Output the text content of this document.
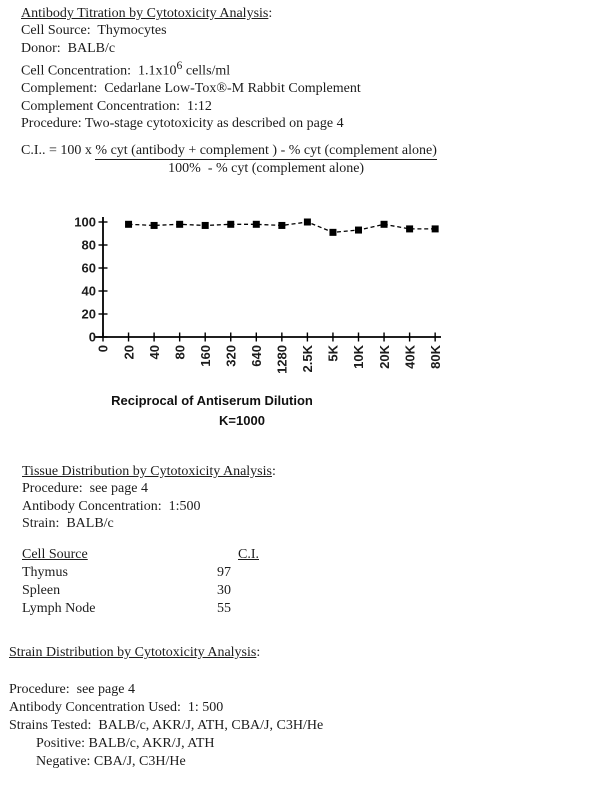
Antibody Titration by Cytotoxicity Analysis:
Cell Source:  Thymocytes
Donor:  BALB/c
Cell Concentration:  $1.1x10^6$ cells/ml
Complement:  Cedarlane Low-Tox®-M Rabbit Complement
Complement Concentration:  1:12
Procedure: Two-stage cytotoxicity as described on page 4
C.I.. = 100 x $\frac{\text{\% cyt (antibody + complement ) - \% cyt (complement alone)}}{\text{100\%  - \% cyt (complement alone)}}$
0
20
40
60
80
100
0 20 40 80 160 320 640 1280 2.5K 5K 10K 20K 40K 80K
Reciprocal of Antiserum Dilution
K=1000
Tissue Distribution by Cytotoxicity Analysis:
Procedure:  see page 4
Antibody Concentration:  1:500
Strain:  BALB/c
Cell Source	C.I.
Thymus	97
Spleen	30
Lymph Node	55
Strain Distribution by Cytotoxicity Analysis:
Procedure:  see page 4
Antibody Concentration Used:  1: 500
Strains Tested:  BALB/c, AKR/J, ATH, CBA/J, C3H/He
Positive: BALB/c, AKR/J, ATH
Negative: CBA/J, C3H/He
